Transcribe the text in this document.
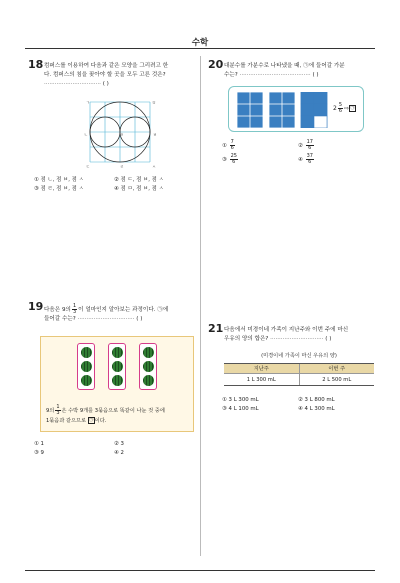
수학
18 컴퍼스를 이용하여 다음과 같은 모양을 그리려고 한
다. 컴퍼스의 침을 꽂아야 할 곳을 모두 고른 것은?
································ ( )
ㄱ
ㄴ
ㄷ	ㄹ
ㅁ
ㅂ
ㅅ
ㅇ
① 점 ㄴ, 점 ㅂ, 점 ㅅ	② 점 ㄷ, 점 ㅂ, 점 ㅅ
③ 점 ㄹ, 점 ㅂ, 점 ㅅ	④ 점 ㅁ, 점 ㅂ, 점 ㅅ
20 대분수를 가분수로 나타냈을 때, ㉠에 들어갈 가분
수는? ········································ ( )
$2 \frac{5}{6}$ ⇨㉠
① $\frac{7}{6}$	② $\frac{17}{6}$
③ $\frac{25}{6}$	④ $\frac{37}{6}$
19 다음은 9의 $\frac{1}{3}$ 이 얼마인지 알아보는 과정이다. ㉠에
들어갈 수는? ································ ( )
9의 $\frac{1}{3}$ 은 수박 9개를 3묶음으로 똑같이 나눈 것 중에
1묶음과 같으므로 ㉠이다.
① 1	② 3
③ 9	④ 2
21 다음에서 미경이네 가족이 지난주와 이번 주에 마신
우유의 양의 합은? ······························ ( )
(미경이네 가족이 마신 우유의 양)
지난주	이번 주
1 L 300 mL	2 L 500 mL
① 3 L 300 mL	② 3 L 800 mL
③ 4 L 100 mL	④ 4 L 300 mL
